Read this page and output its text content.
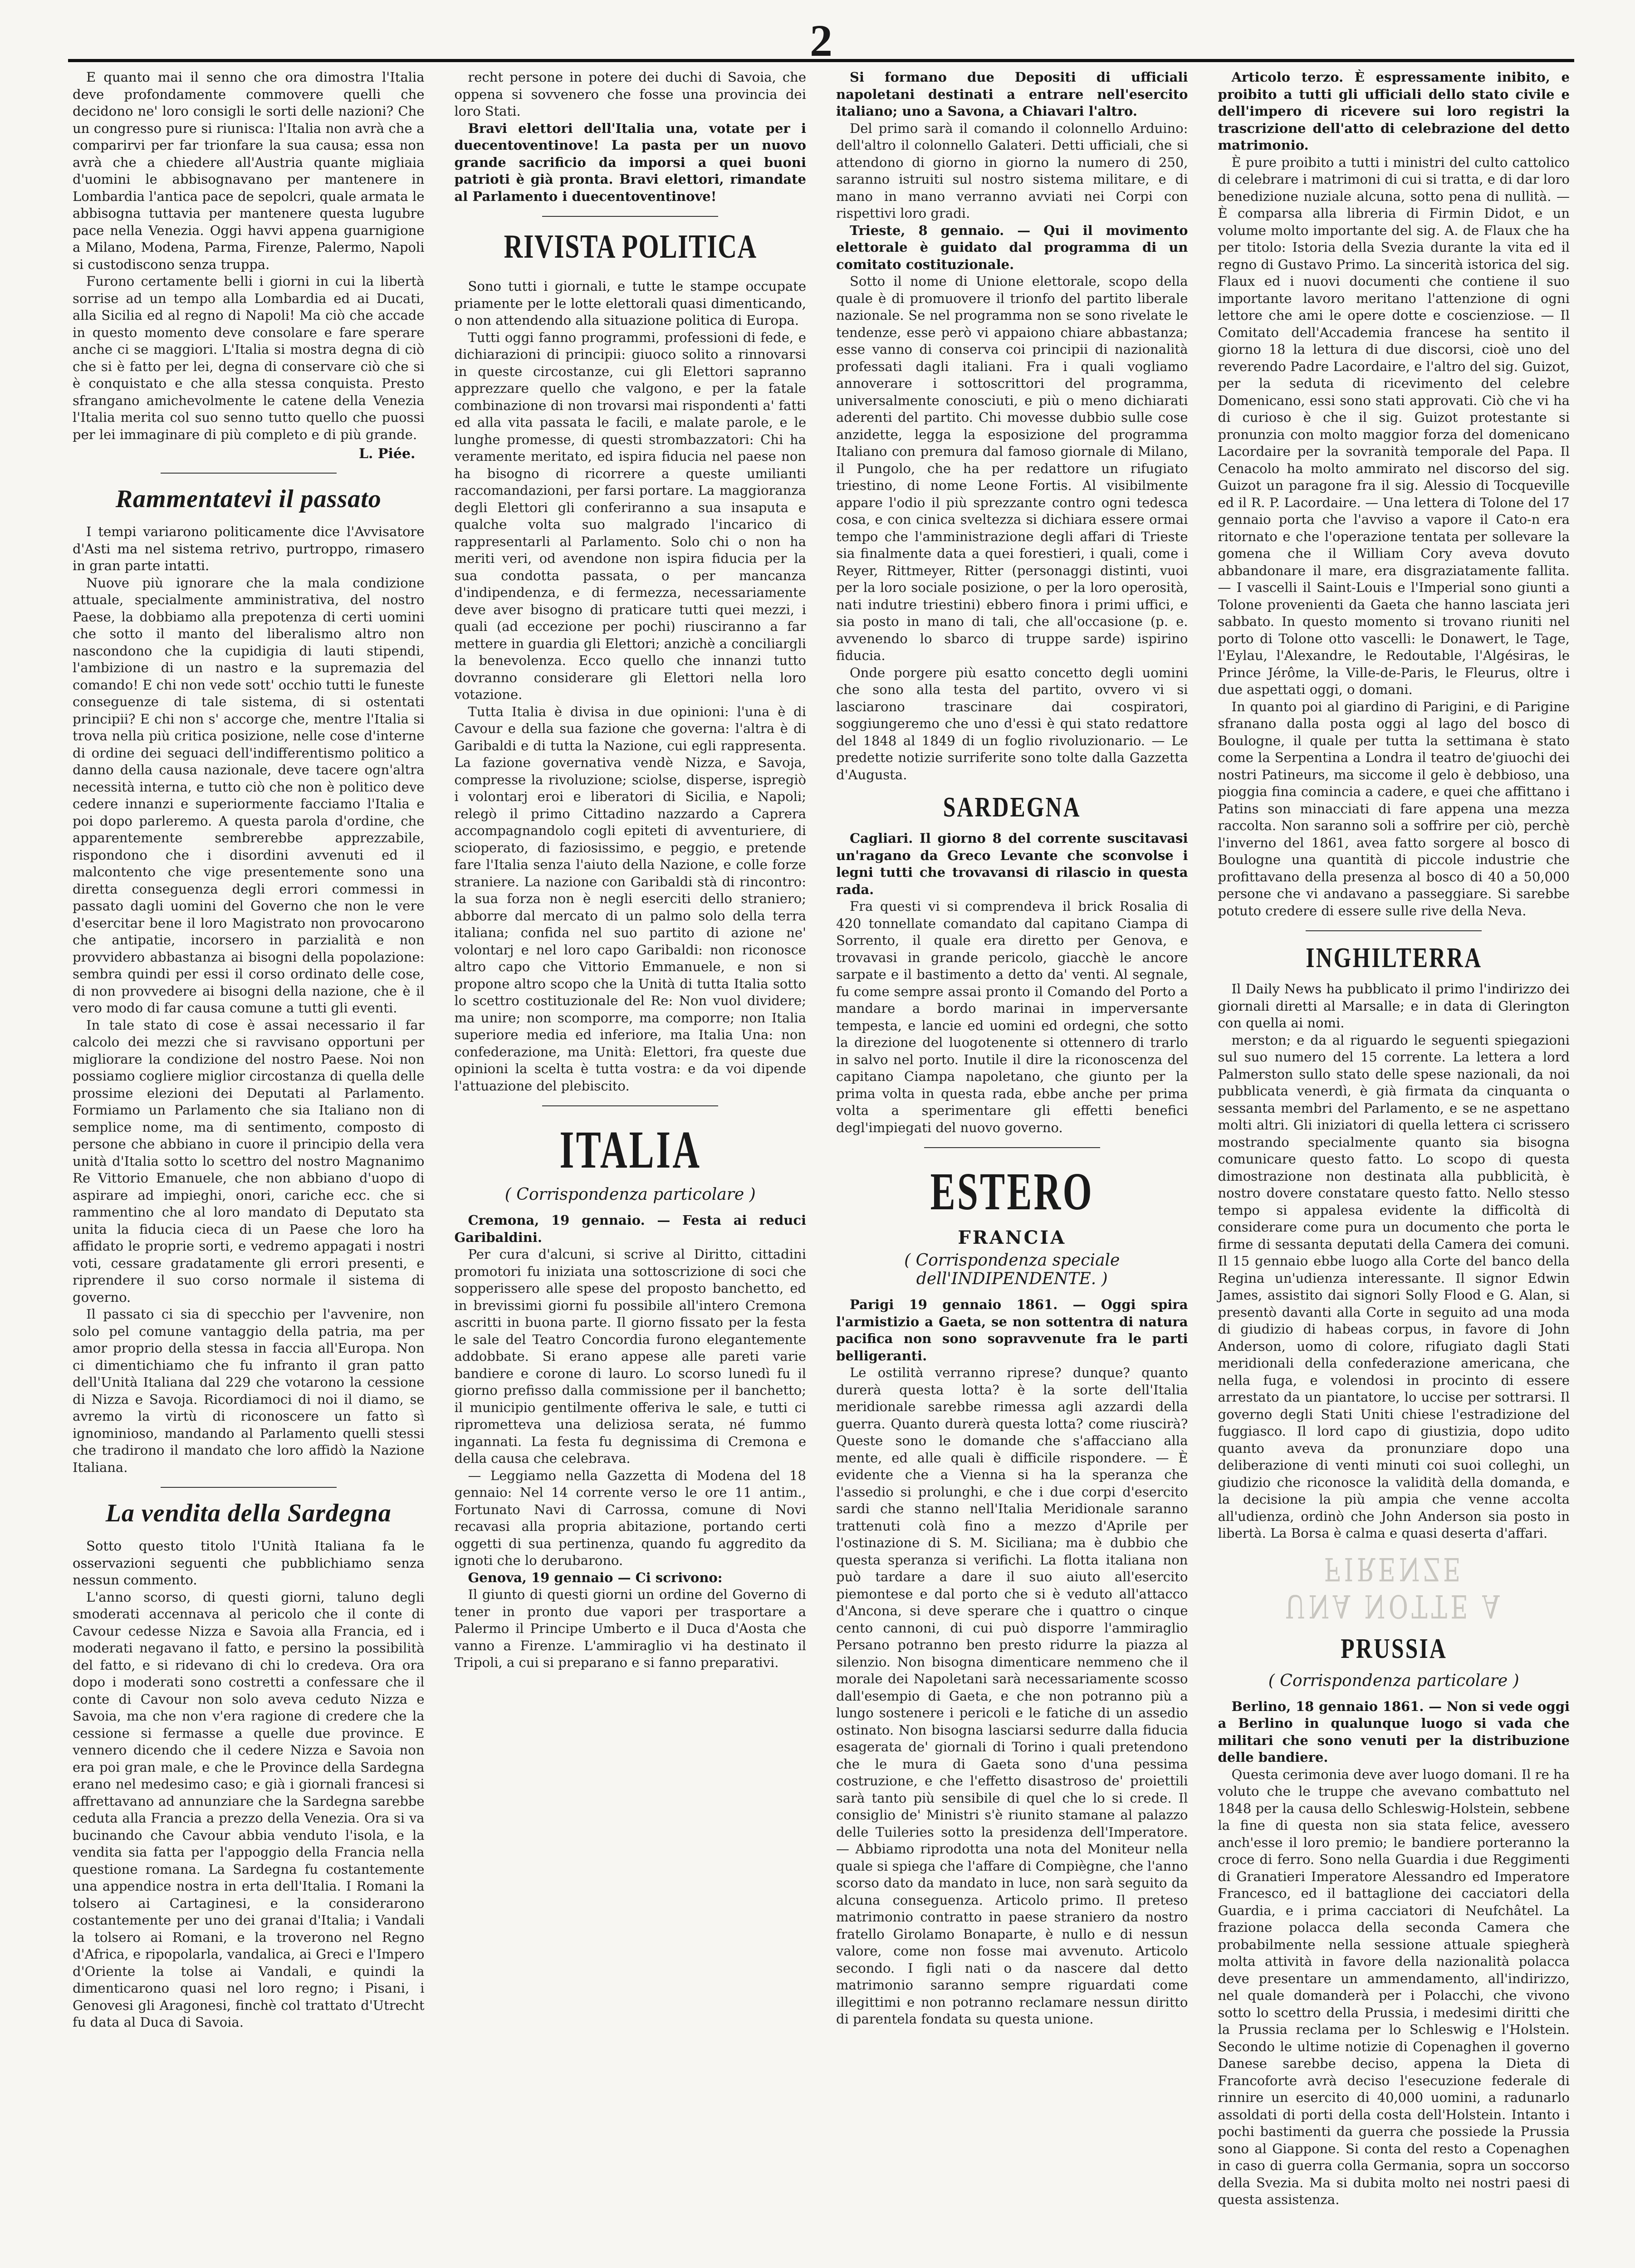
2

E quanto mai il senno che ora dimostra l'Italia deve profondamente commovere quelli che decidono ne' loro consigli le sorti delle nazioni? Che un congresso pure si riunisca: l'Italia non avrà che a comparirvi per far trionfare la sua causa; essa non avrà che a chiedere all'Austria quante migliaia d'uomini le abbisognavano per mantenere in Lombardia l'antica pace de sepolcri, quale armata le abbisogna tuttavia per mantenere questa lugubre pace nella Venezia. Oggi havvi appena guarnigione a Milano, Modena, Parma, Firenze, Palermo, Napoli si custodiscono senza truppa.

Furono certamente belli i giorni in cui la libertà sorrise ad un tempo alla Lombardia ed ai Ducati, alla Sicilia ed al regno di Napoli! Ma ciò che accade in questo momento deve consolare e fare sperare anche ci se maggiori. L'Italia si mostra degna di ciò che si è fatto per lei, degna di conservare ciò che si è conquistato e che alla stessa conquista. Presto sfrangano amichevolmente le catene della Venezia l'Italia merita col suo senno tutto quello che puossi per lei immaginare di più completo e di più grande.

L. Piée.
Rammentatevi il passato

I tempi variarono politicamente dice l'Avvisatore d'Asti ma nel sistema retrivo, purtroppo, rimasero in gran parte intatti.

Nuove più ignorare che la mala condizione attuale, specialmente amministrativa, del nostro Paese, la dobbiamo alla prepotenza di certi uomini che sotto il manto del liberalismo altro non nascondono che la cupidigia di lauti stipendi, l'ambizione di un nastro e la supremazia del comando! E chi non vede sott' occhio tutti le funeste conseguenze di tale sistema, di si ostentati principii? E chi non s' accorge che, mentre l'Italia si trova nella più critica posizione, nelle cose d'interne di ordine dei seguaci dell'indifferentismo politico a danno della causa nazionale, deve tacere ogn'altra necessità interna, e tutto ciò che non è politico deve cedere innanzi e superiormente facciamo l'Italia e poi dopo parleremo. A questa parola d'ordine, che apparentemente sembrerebbe apprezzabile, rispondono che i disordini avvenuti ed il malcontento che vige presentemente sono una diretta conseguenza degli errori commessi in passato dagli uomini del Governo che non le vere d'esercitar bene il loro Magistrato non provocarono che antipatie, incorsero in parzialità e non provvidero abbastanza ai bisogni della popolazione: sembra quindi per essi il corso ordinato delle cose, di non provvedere ai bisogni della nazione, che è il vero modo di far causa comune a tutti gli eventi.

In tale stato di cose è assai necessario il far calcolo dei mezzi che si ravvisano opportuni per migliorare la condizione del nostro Paese. Noi non possiamo cogliere miglior circostanza di quella delle prossime elezioni dei Deputati al Parlamento. Formiamo un Parlamento che sia Italiano non di semplice nome, ma di sentimento, composto di persone che abbiano in cuore il principio della vera unità d'Italia sotto lo scettro del nostro Magnanimo Re Vittorio Emanuele, che non abbiano d'uopo di aspirare ad impieghi, onori, cariche ecc. che si rammentino che al loro mandato di Deputato sta unita la fiducia cieca di un Paese che loro ha affidato le proprie sorti, e vedremo appagati i nostri voti, cessare gradatamente gli errori presenti, e riprendere il suo corso normale il sistema di governo.

Il passato ci sia di specchio per l'avvenire, non solo pel comune vantaggio della patria, ma per amor proprio della stessa in faccia all'Europa. Non ci dimentichiamo che fu infranto il gran patto dell'Unità Italiana dal 229 che votarono la cessione di Nizza e Savoja. Ricordiamoci di noi il diamo, se avremo la virtù di riconoscere un fatto sì ignominioso, mandando al Parlamento quelli stessi che tradirono il mandato che loro affidò la Nazione Italiana.

La vendita della Sardegna

Sotto questo titolo l'Unità Italiana fa le osservazioni seguenti che pubblichiamo senza nessun commento.

L'anno scorso, di questi giorni, taluno degli smoderati accennava al pericolo che il conte di Cavour cedesse Nizza e Savoia alla Francia, ed i moderati negavano il fatto, e persino la possibilità del fatto, e si ridevano di chi lo credeva. Ora ora dopo i moderati sono costretti a confessare che il conte di Cavour non solo aveva ceduto Nizza e Savoia, ma che non v'era ragione di credere che la cessione si fermasse a quelle due province. E vennero dicendo che il cedere Nizza e Savoia non era poi gran male, e che le Province della Sardegna erano nel medesimo caso; e già i giornali francesi si affrettavano ad annunziare che la Sardegna sarebbe ceduta alla Francia a prezzo della Venezia. Ora si va bucinando che Cavour abbia venduto l'isola, e la vendita sia fatta per l'appoggio della Francia nella questione romana. La Sardegna fu costantemente una appendice nostra in erta dell'Italia. I Romani la tolsero ai Cartaginesi, e la considerarono costantemente per uno dei granai d'Italia; i Vandali la tolsero ai Romani, e la troverono nel Regno d'Africa, e ripopolarla, vandalica, ai Greci e l'Impero d'Oriente la tolse ai Vandali, e quindi la dimenticarono quasi nel loro regno; i Pisani, i Genovesi gli Aragonesi, finchè col trattato d'Utrecht fu data al Duca di Savoia.

recht persone in potere dei duchi di Savoia, che oppena si sovvenero che fosse una provincia dei loro Stati.

Bravi elettori dell'Italia una, votate per i duecentoventinove! La pasta per un nuovo grande sacrificio da imporsi a quei buoni patrioti è già pronta. Bravi elettori, rimandate al Parlamento i duecentoventinove!

RIVISTA POLITICA

Sono tutti i giornali, e tutte le stampe occupate priamente per le lotte elettorali quasi dimenticando, o non attendendo alla situazione politica di Europa.

Tutti oggi fanno programmi, professioni di fede, e dichiarazioni di principii: giuoco solito a rinnovarsi in queste circostanze, cui gli Elettori sapranno apprezzare quello che valgono, e per la fatale combinazione di non trovarsi mai rispondenti a' fatti ed alla vita passata le facili, e malate parole, e le lunghe promesse, di questi strombazzatori: Chi ha veramente meritato, ed ispira fiducia nel paese non ha bisogno di ricorrere a queste umilianti raccomandazioni, per farsi portare. La maggioranza degli Elettori gli conferiranno a sua insaputa e qualche volta suo malgrado l'incarico di rappresentarli al Parlamento. Solo chi o non ha meriti veri, od avendone non ispira fiducia per la sua condotta passata, o per mancanza d'indipendenza, e di fermezza, necessariamente deve aver bisogno di praticare tutti quei mezzi, i quali (ad eccezione per pochi) riusciranno a far mettere in guardia gli Elettori; anzichè a conciliargli la benevolenza. Ecco quello che innanzi tutto dovranno considerare gli Elettori nella loro votazione.

Tutta Italia è divisa in due opinioni: l'una è di Cavour e della sua fazione che governa: l'altra è di Garibaldi e di tutta la Nazione, cui egli rappresenta. La fazione governativa vendè Nizza, e Savoja, compresse la rivoluzione; sciolse, disperse, ispregiò i volontarj eroi e liberatori di Sicilia, e Napoli; relegò il primo Cittadino nazzardo a Caprera accompagnandolo cogli epiteti di avventuriere, di scioperato, di faziosissimo, e peggio, e pretende fare l'Italia senza l'aiuto della Nazione, e colle forze straniere. La nazione con Garibaldi stà di rincontro: la sua forza non è negli eserciti dello straniero; abborre dal mercato di un palmo solo della terra italiana; confida nel suo partito di azione ne' volontarj e nel loro capo Garibaldi: non riconosce altro capo che Vittorio Emmanuele, e non si propone altro scopo che la Unità di tutta Italia sotto lo scettro costituzionale del Re: Non vuol dividere; ma unire; non scomporre, ma comporre; non Italia superiore media ed inferiore, ma Italia Una: non confederazione, ma Unità: Elettori, fra queste due opinioni la scelta è tutta vostra: e da voi dipende l'attuazione del plebiscito.

ITALIA
( Corrispondenza particolare )

Cremona, 19 gennaio. — Festa ai reduci Garibaldini.

Per cura d'alcuni, si scrive al Diritto, cittadini promotori fu iniziata una sottoscrizione di soci che sopperissero alle spese del proposto banchetto, ed in brevissimi giorni fu possibile all'intero Cremona ascritti in buona parte. Il giorno fissato per la festa le sale del Teatro Concordia furono elegantemente addobbate. Si erano appese alle pareti varie bandiere e corone di lauro. Lo scorso lunedì fu il giorno prefisso dalla commissione per il banchetto; il municipio gentilmente offeriva le sale, e tutti ci riprometteva una deliziosa serata, né fummo ingannati. La festa fu degnissima di Cremona e della causa che celebrava.

— Leggiamo nella Gazzetta di Modena del 18 gennaio: Nel 14 corrente verso le ore 11 antim., Fortunato Navi di Carrossa, comune di Novi recavasi alla propria abitazione, portando certi oggetti di sua pertinenza, quando fu aggredito da ignoti che lo derubarono.

Genova, 19 gennaio — Ci scrivono:

Il giunto di questi giorni un ordine del Governo di tener in pronto due vapori per trasportare a Palermo il Principe Umberto e il Duca d'Aosta che vanno a Firenze. L'ammiraglio vi ha destinato il Tripoli, a cui si preparano e si fanno preparativi.

Si formano due Depositi di ufficiali napoletani destinati a entrare nell'esercito italiano; uno a Savona, a Chiavari l'altro.

Del primo sarà il comando il colonnello Arduino: dell'altro il colonnello Galateri. Detti ufficiali, che si attendono di giorno in giorno la numero di 250, saranno istruiti sul nostro sistema militare, e di mano in mano verranno avviati nei Corpi con rispettivi loro gradi.

Trieste, 8 gennaio. — Qui il movimento elettorale è guidato dal programma di un comitato costituzionale.

Sotto il nome di Unione elettorale, scopo della quale è di promuovere il trionfo del partito liberale nazionale. Se nel programma non se sono rivelate le tendenze, esse però vi appaiono chiare abbastanza; esse vanno di conserva coi principii di nazionalità professati dagli italiani. Fra i quali vogliamo annoverare i sottoscrittori del programma, universalmente conosciuti, e più o meno dichiarati aderenti del partito. Chi movesse dubbio sulle cose anzidette, legga la esposizione del programma Italiano con premura dal famoso giornale di Milano, il Pungolo, che ha per redattore un rifugiato triestino, di nome Leone Fortis. Al visibilmente appare l'odio il più sprezzante contro ogni tedesca cosa, e con cinica sveltezza si dichiara essere ormai tempo che l'amministrazione degli affari di Trieste sia finalmente data a quei forestieri, i quali, come i Reyer, Rittmeyer, Ritter (personaggi distinti, vuoi per la loro sociale posizione, o per la loro operosità, nati indutre triestini) ebbero finora i primi uffici, e sia posto in mano di tali, che all'occasione (p. e. avvenendo lo sbarco di truppe sarde) ispirino fiducia.

Onde porgere più esatto concetto degli uomini che sono alla testa del partito, ovvero vi si lasciarono trascinare dai cospiratori, soggiungeremo che uno d'essi è qui stato redattore del 1848 al 1849 di un foglio rivoluzionario. — Le predette notizie surriferite sono tolte dalla Gazzetta d'Augusta.

SARDEGNA

Cagliari. Il giorno 8 del corrente suscitavasi un'ragano da Greco Levante che sconvolse i legni tutti che trovavansi di rilascio in questa rada.

Fra questi vi si comprendeva il brick Rosalia di 420 tonnellate comandato dal capitano Ciampa di Sorrento, il quale era diretto per Genova, e trovavasi in grande pericolo, giacchè le ancore sarpate e il bastimento a detto da' venti. Al segnale, fu come sempre assai pronto il Comando del Porto a mandare a bordo marinai in imperversante tempesta, e lancie ed uomini ed ordegni, che sotto la direzione del luogotenente si ottennero di trarlo in salvo nel porto. Inutile il dire la riconoscenza del capitano Ciampa napoletano, che giunto per la prima volta in questa rada, ebbe anche per prima volta a sperimentare gli effetti benefici degl'impiegati del nuovo governo.

ESTERO
FRANCIA
( Corrispondenza speciale dell'INDIPENDENTE. )

Parigi 19 gennaio 1861. — Oggi spira l'armistizio a Gaeta, se non sottentra di natura pacifica non sono sopravvenute fra le parti belligeranti.

Le ostilità verranno riprese? dunque? quanto durerà questa lotta? è la sorte dell'Italia meridionale sarebbe rimessa agli azzardi della guerra. Quanto durerà questa lotta? come riuscirà? Queste sono le domande che s'affacciano alla mente, ed alle quali è difficile rispondere. — È evidente che a Vienna si ha la speranza che l'assedio si prolunghi, e che i due corpi d'esercito sardi che stanno nell'Italia Meridionale saranno trattenuti colà fino a mezzo d'Aprile per l'ostinazione di S. M. Siciliana; ma è dubbio che questa speranza si verifichi. La flotta italiana non può tardare a dare il suo aiuto all'esercito piemontese e dal porto che si è veduto all'attacco d'Ancona, si deve sperare che i quattro o cinque cento cannoni, di cui può disporre l'ammiraglio Persano potranno ben presto ridurre la piazza al silenzio. Non bisogna dimenticare nemmeno che il morale dei Napoletani sarà necessariamente scosso dall'esempio di Gaeta, e che non potranno più a lungo sostenere i pericoli e le fatiche di un assedio ostinato. Non bisogna lasciarsi sedurre dalla fiducia esagerata de' giornali di Torino i quali pretendono che le mura di Gaeta sono d'una pessima costruzione, e che l'effetto disastroso de' proiettili sarà tanto più sensibile di quel che lo si crede. Il consiglio de' Ministri s'è riunito stamane al palazzo delle Tuileries sotto la presidenza dell'Imperatore. — Abbiamo riprodotta una nota del Moniteur nella quale si spiega che l'affare di Compiègne, che l'anno scorso dato da mandato in luce, non sarà seguito da alcuna conseguenza. Articolo primo. Il preteso matrimonio contratto in paese straniero da nostro fratello Girolamo Bonaparte, è nullo e di nessun valore, come non fosse mai avvenuto. Articolo secondo. I figli nati o da nascere dal detto matrimonio saranno sempre riguardati come illegittimi e non potranno reclamare nessun diritto di parentela fondata su questa unione.

Articolo terzo. È espressamente inibito, e proibito a tutti gli ufficiali dello stato civile e dell'impero di ricevere sui loro registri la trascrizione dell'atto di celebrazione del detto matrimonio.

È pure proibito a tutti i ministri del culto cattolico di celebrare i matrimoni di cui si tratta, e di dar loro benedizione nuziale alcuna, sotto pena di nullità. — È comparsa alla libreria di Firmin Didot, e un volume molto importante del sig. A. de Flaux che ha per titolo: Istoria della Svezia durante la vita ed il regno di Gustavo Primo. La sincerità istorica del sig. Flaux ed i nuovi documenti che contiene il suo importante lavoro meritano l'attenzione di ogni lettore che ami le opere dotte e coscienziose. — Il Comitato dell'Accademia francese ha sentito il giorno 18 la lettura di due discorsi, cioè uno del reverendo Padre Lacordaire, e l'altro del sig. Guizot, per la seduta di ricevimento del celebre Domenicano, essi sono stati approvati. Ciò che vi ha di curioso è che il sig. Guizot protestante si pronunzia con molto maggior forza del domenicano Lacordaire per la sovranità temporale del Papa. Il Cenacolo ha molto ammirato nel discorso del sig. Guizot un paragone fra il sig. Alessio di Tocqueville ed il R. P. Lacordaire. — Una lettera di Tolone del 17 gennaio porta che l'avviso a vapore il Cato-n era ritornato e che l'operazione tentata per sollevare la gomena che il William Cory aveva dovuto abbandonare il mare, era disgraziatamente fallita. — I vascelli il Saint-Louis e l'Imperial sono giunti a Tolone provenienti da Gaeta che hanno lasciata jeri sabbato. In questo momento si trovano riuniti nel porto di Tolone otto vascelli: le Donawert, le Tage, l'Eylau, l'Alexandre, le Redoutable, l'Algésiras, le Prince Jérôme, la Ville-de-Paris, le Fleurus, oltre i due aspettati oggi, o domani.

In quanto poi al giardino di Parigini, e di Parigine sfranano dalla posta oggi al lago del bosco di Boulogne, il quale per tutta la settimana è stato come la Serpentina a Londra il teatro de'giuochi dei nostri Patineurs, ma siccome il gelo è debbioso, una pioggia fina comincia a cadere, e quei che affittano i Patins son minacciati di fare appena una mezza raccolta. Non saranno soli a soffrire per ciò, perchè l'inverno del 1861, avea fatto sorgere al bosco di Boulogne una quantità di piccole industrie che profittavano della presenza al bosco di 40 a 50,000 persone che vi andavano a passeggiare. Si sarebbe potuto credere di essere sulle rive della Neva.

INGHILTERRA

Il Daily News ha pubblicato il primo l'indirizzo dei giornali diretti al Marsalle; e in data di Glerington con quella ai nomi.

merston; e da al riguardo le seguenti spiegazioni sul suo numero del 15 corrente. La lettera a lord Palmerston sullo stato delle spese nazionali, da noi pubblicata venerdì, è già firmata da cinquanta o sessanta membri del Parlamento, e se ne aspettano molti altri. Gli iniziatori di quella lettera ci scrissero mostrando specialmente quanto sia bisogna comunicare questo fatto. Lo scopo di questa dimostrazione non destinata alla pubblicità, è nostro dovere constatare questo fatto. Nello stesso tempo si appalesa evidente la difficoltà di considerare come pura un documento che porta le firme di sessanta deputati della Camera dei comuni. Il 15 gennaio ebbe luogo alla Corte del banco della Regina un'udienza interessante. Il signor Edwin James, assistito dai signori Solly Flood e G. Alan, si presentò davanti alla Corte in seguito ad una moda di giudizio di habeas corpus, in favore di John Anderson, uomo di colore, rifugiato dagli Stati meridionali della confederazione americana, che nella fuga, e volendosi in procinto di essere arrestato da un piantatore, lo uccise per sottrarsi. Il governo degli Stati Uniti chiese l'estradizione del fuggiasco. Il lord capo di giustizia, dopo udito quanto aveva da pronunziare dopo una deliberazione di venti minuti coi suoi colleghi, un giudizio che riconosce la validità della domanda, e la decisione la più ampia che venne accolta all'udienza, ordinò che John Anderson sia posto in libertà. La Borsa è calma e quasi deserta d'affari.

UNA NOTTE A FIRENZE
PRUSSIA
( Corrispondenza particolare )

Berlino, 18 gennaio 1861. — Non si vede oggi a Berlino in qualunque luogo si vada che militari che sono venuti per la distribuzione delle bandiere.

Questa cerimonia deve aver luogo domani. Il re ha voluto che le truppe che avevano combattuto nel 1848 per la causa dello Schleswig-Holstein, sebbene la fine di questa non sia stata felice, avessero anch'esse il loro premio; le bandiere porteranno la croce di ferro. Sono nella Guardia i due Reggimenti di Granatieri Imperatore Alessandro ed Imperatore Francesco, ed il battaglione dei cacciatori della Guardia, e i prima cacciatori di Neufchâtel. La frazione polacca della seconda Camera che probabilmente nella sessione attuale spiegherà molta attività in favore della nazionalità polacca deve presentare un ammendamento, all'indirizzo, nel quale domanderà per i Polacchi, che vivono sotto lo scettro della Prussia, i medesimi diritti che la Prussia reclama per lo Schleswig e l'Holstein. Secondo le ultime notizie di Copenaghen il governo Danese sarebbe deciso, appena la Dieta di Francoforte avrà deciso l'esecuzione federale di rinnire un esercito di 40,000 uomini, a radunarlo assoldati di porti della costa dell'Holstein. Intanto i pochi bastimenti da guerra che possiede la Prussia sono al Giappone. Si conta del resto a Copenaghen in caso di guerra colla Germania, sopra un soccorso della Svezia. Ma si dubita molto nei nostri paesi di questa assistenza.
